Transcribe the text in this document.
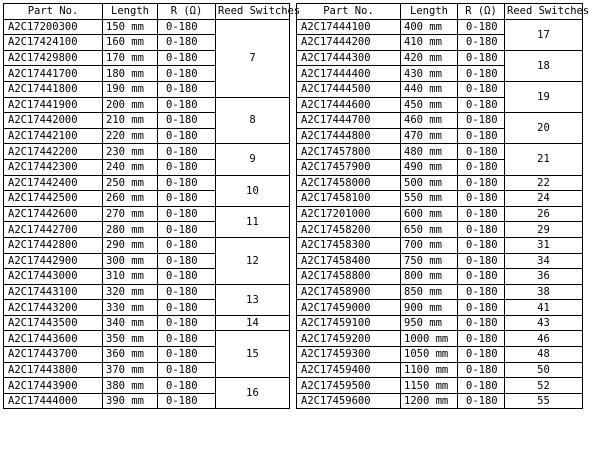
Part No.	Length	R (Ω)	Reed Switches
A2C17200300	150 mm	0-180	7
A2C17424100	160 mm	0-180	
A2C17429800	170 mm	0-180	
A2C17441700	180 mm	0-180	
A2C17441800	190 mm	0-180	
A2C17441900	200 mm	0-180	8
A2C17442000	210 mm	0-180	
A2C17442100	220 mm	0-180	
A2C17442200	230 mm	0-180	9
A2C17442300	240 mm	0-180	
A2C17442400	250 mm	0-180	10
A2C17442500	260 mm	0-180	
A2C17442600	270 mm	0-180	11
A2C17442700	280 mm	0-180	
A2C17442800	290 mm	0-180	12
A2C17442900	300 mm	0-180	
A2C17443000	310 mm	0-180	
A2C17443100	320 mm	0-180	13
A2C17443200	330 mm	0-180	
A2C17443500	340 mm	0-180	14
A2C17443600	350 mm	0-180	15
A2C17443700	360 mm	0-180	
A2C17443800	370 mm	0-180	
A2C17443900	380 mm	0-180	16
A2C17444000	390 mm	0-180	
Part No.	Length	R (Ω)	Reed Switches
A2C17444100	400 mm	0-180	17
A2C17444200	410 mm	0-180	
A2C17444300	420 mm	0-180	18
A2C17444400	430 mm	0-180	
A2C17444500	440 mm	0-180	19
A2C17444600	450 mm	0-180	
A2C17444700	460 mm	0-180	20
A2C17444800	470 mm	0-180	
A2C17457800	480 mm	0-180	21
A2C17457900	490 mm	0-180	
A2C17458000	500 mm	0-180	22
A2C17458100	550 mm	0-180	24
A2C17201000	600 mm	0-180	26
A2C17458200	650 mm	0-180	29
A2C17458300	700 mm	0-180	31
A2C17458400	750 mm	0-180	34
A2C17458800	800 mm	0-180	36
A2C17458900	850 mm	0-180	38
A2C17459000	900 mm	0-180	41
A2C17459100	950 mm	0-180	43
A2C17459200	1000 mm	0-180	46
A2C17459300	1050 mm	0-180	48
A2C17459400	1100 mm	0-180	50
A2C17459500	1150 mm	0-180	52
A2C17459600	1200 mm	0-180	55
